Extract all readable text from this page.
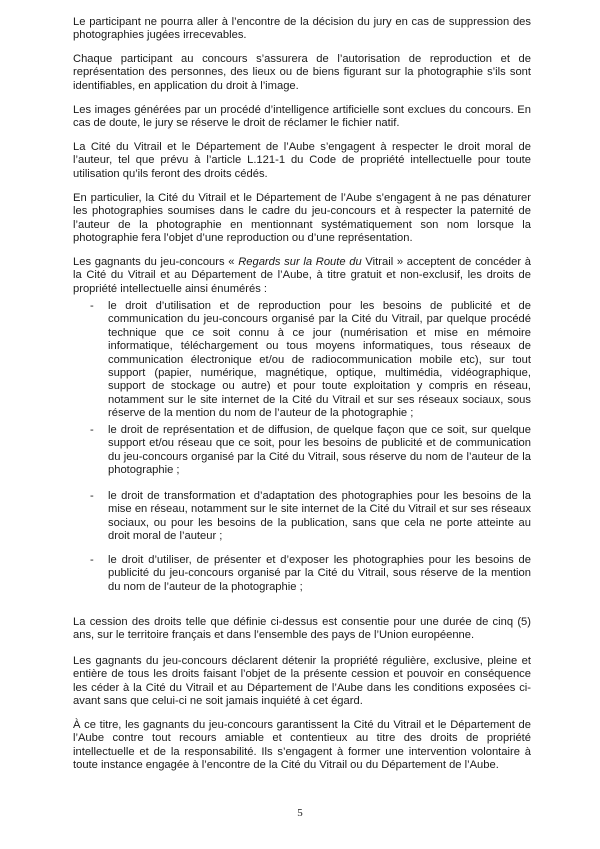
Le participant ne pourra aller à l’encontre de la décision du jury en cas de suppression des photographies jugées irrecevables.

Chaque participant au concours s’assurera de l’autorisation de reproduction et de représentation des personnes, des lieux ou de biens figurant sur la photographie s’ils sont identifiables, en application du droit à l’image.

Les images générées par un procédé d’intelligence artificielle sont exclues du concours. En cas de doute, le jury se réserve le droit de réclamer le fichier natif.

La Cité du Vitrail et le Département de l’Aube s’engagent à respecter le droit moral de l’auteur, tel que prévu à l’article L.121-1 du Code de propriété intellectuelle pour toute utilisation qu’ils feront des droits cédés.

En particulier, la Cité du Vitrail et le Département de l’Aube s’engagent à ne pas dénaturer les photographies soumises dans le cadre du jeu-concours et à respecter la paternité de l’auteur de la photographie en mentionnant systématiquement son nom lorsque la photographie fera l’objet d’une reproduction ou d’une représentation.

Les gagnants du jeu-concours « Regards sur la Route du Vitrail » acceptent de concéder à la Cité du Vitrail et au Département de l’Aube, à titre gratuit et non-exclusif, les droits de propriété intellectuelle ainsi énumérés :

-	le droit d’utilisation et de reproduction pour les besoins de publicité et de communication du jeu-concours organisé par la Cité du Vitrail, par quelque procédé technique que ce soit connu à ce jour (numérisation et mise en mémoire informatique, téléchargement ou tous moyens informatiques, tous réseaux de communication électronique et/ou de radiocommunication mobile etc), sur tout support (papier, numérique, magnétique, optique, multimédia, vidéographique, support de stockage ou autre) et pour toute exploitation y compris en réseau, notamment sur le site internet de la Cité du Vitrail et sur ses réseaux sociaux, sous réserve de la mention du nom de l’auteur de la photographie ;

-	le droit de représentation et de diffusion, de quelque façon que ce soit, sur quelque support et/ou réseau que ce soit, pour les besoins de publicité et de communication du jeu-concours organisé par la Cité du Vitrail, sous réserve du nom de l’auteur de la photographie ;

-	le droit de transformation et d’adaptation des photographies pour les besoins de la mise en réseau, notamment sur le site internet de la Cité du Vitrail et sur ses réseaux sociaux, ou pour les besoins de la publication, sans que cela ne porte atteinte au droit moral de l’auteur ;

-	le droit d’utiliser, de présenter et d’exposer les photographies pour les besoins de publicité du jeu-concours organisé par la Cité du Vitrail, sous réserve de la mention du nom de l’auteur de la photographie ;

La cession des droits telle que définie ci-dessus est consentie pour une durée de cinq (5) ans, sur le territoire français et dans l’ensemble des pays de l’Union européenne.

Les gagnants du jeu-concours déclarent détenir la propriété régulière, exclusive, pleine et entière de tous les droits faisant l’objet de la présente cession et pouvoir en conséquence les céder à la Cité du Vitrail et au Département de l’Aube dans les conditions exposées ci-avant sans que celui-ci ne soit jamais inquiété à cet égard.

À ce titre, les gagnants du jeu-concours garantissent la Cité du Vitrail et le Département de l’Aube contre tout recours amiable et contentieux au titre des droits de propriété intellectuelle et de la responsabilité. Ils s’engagent à former une intervention volontaire à toute instance engagée à l’encontre de la Cité du Vitrail ou du Département de l’Aube.

5
